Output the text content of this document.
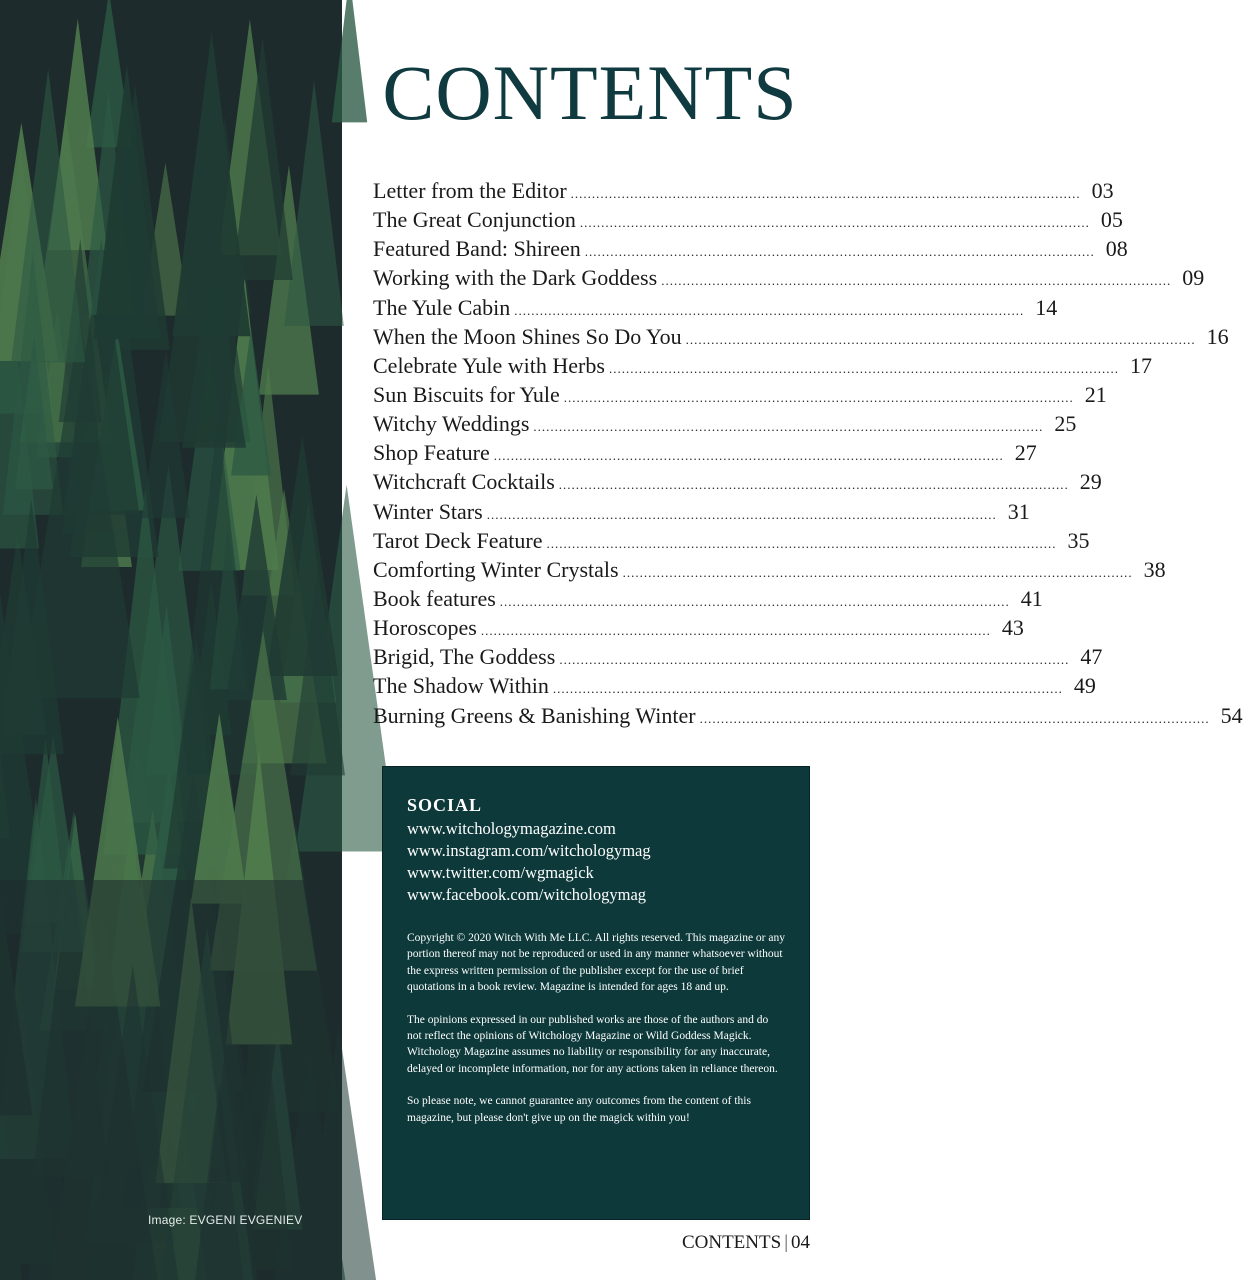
Image: EVGENI EVGENIEV
CONTENTS
Letter from the Editor ........................................................................................................................ 03
The Great Conjunction ........................................................................................................................ 05
Featured Band: Shireen ........................................................................................................................ 08
Working with the Dark Goddess ........................................................................................................................ 09
The Yule Cabin ........................................................................................................................ 14
When the Moon Shines So Do You ........................................................................................................................ 16
Celebrate Yule with Herbs ........................................................................................................................ 17
Sun Biscuits for Yule ........................................................................................................................ 21
Witchy Weddings ........................................................................................................................ 25
Shop Feature ........................................................................................................................ 27
Witchcraft Cocktails ........................................................................................................................ 29
Winter Stars ........................................................................................................................ 31
Tarot Deck Feature ........................................................................................................................ 35
Comforting Winter Crystals ........................................................................................................................ 38
Book features ........................................................................................................................ 41
Horoscopes ........................................................................................................................ 43
Brigid, The Goddess ........................................................................................................................ 47
The Shadow Within ........................................................................................................................ 49
Burning Greens & Banishing Winter ........................................................................................................................ 54
SOCIAL
www.witchologymagazine.com
www.instagram.com/witchologymag
www.twitter.com/wgmagick
www.facebook.com/witchologymag

Copyright © 2020 Witch With Me LLC. All rights reserved. This magazine or any portion thereof may not be reproduced or used in any manner whatsoever without the express written permission of the publisher except for the use of brief quotations in a book review. Magazine is intended for ages 18 and up.

The opinions expressed in our published works are those of the authors and do not reflect the opinions of Witchology Magazine or Wild Goddess Magick. Witchology Magazine assumes no liability or responsibility for any inaccurate, delayed or incomplete information, nor for any actions taken in reliance thereon.

So please note, we cannot guarantee any outcomes from the content of this magazine, but please don't give up on the magick within you!

CONTENTS | 04
